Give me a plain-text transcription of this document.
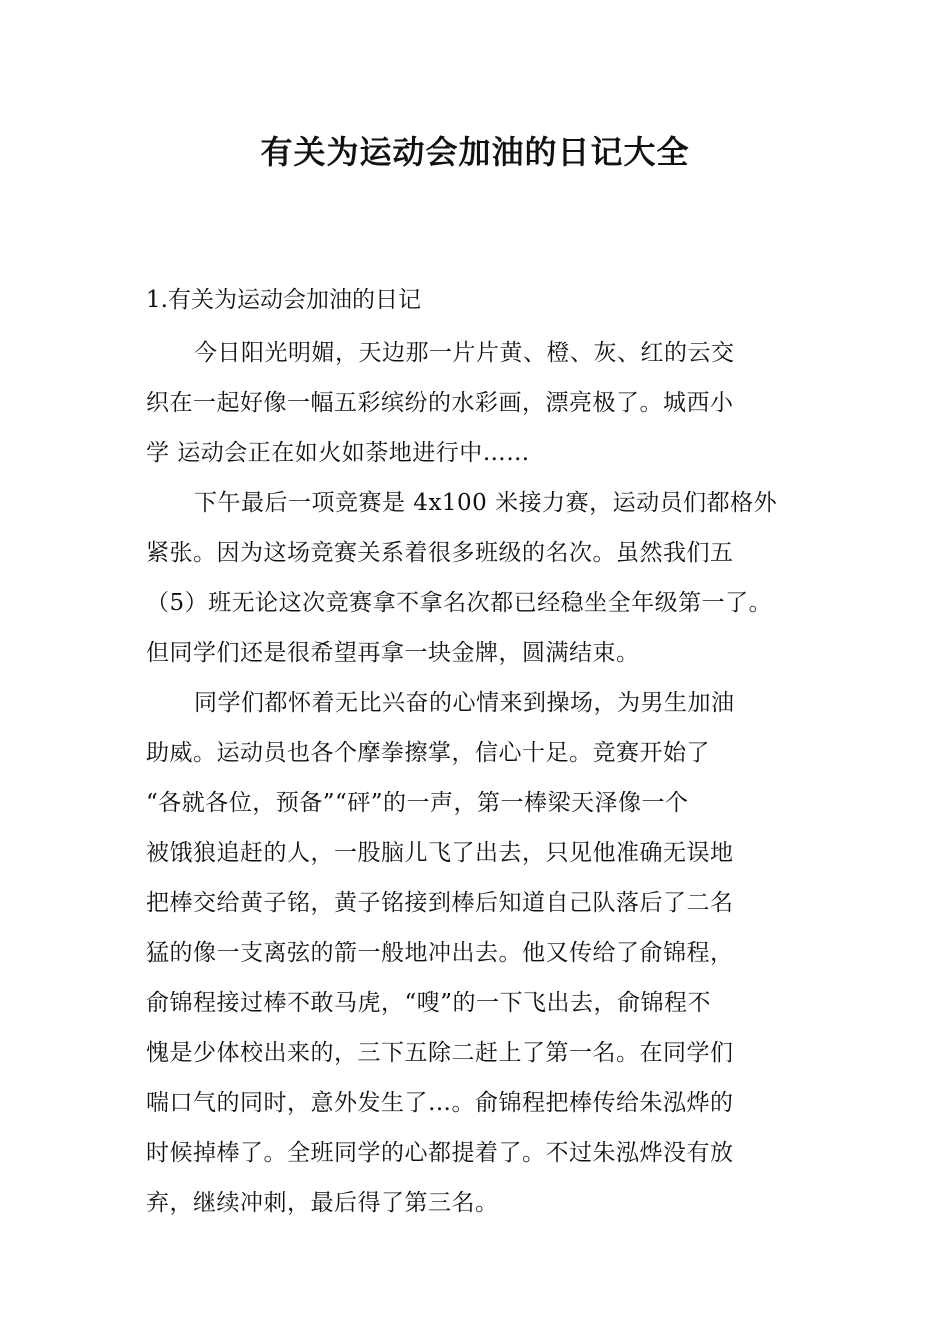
有关为运动会加油的日记大全
1.有关为运动会加油的日记
今日阳光明媚，天边那一片片黄、橙、灰、红的云交
织在一起好像一幅五彩缤纷的水彩画，漂亮极了。城西小
学 运动会正在如火如荼地进行中……
下午最后一项竞赛是 4x100 米接力赛，运动员们都格外
紧张。因为这场竞赛关系着很多班级的名次。虽然我们五
（5）班无论这次竞赛拿不拿名次都已经稳坐全年级第一了。
但同学们还是很希望再拿一块金牌，圆满结束。
同学们都怀着无比兴奋的心情来到操场，为男生加油
助威。运动员也各个摩拳擦掌，信心十足。竞赛开始了
“各就各位，预备”“砰”的一声，第一棒梁天泽像一个
被饿狼追赶的人，一股脑儿飞了出去，只见他准确无误地
把棒交给黄子铭，黄子铭接到棒后知道自己队落后了二名
猛的像一支离弦的箭一般地冲出去。他又传给了俞锦程，
俞锦程接过棒不敢马虎，“嗖”的一下飞出去，俞锦程不
愧是少体校出来的，三下五除二赶上了第一名。在同学们
喘口气的同时，意外发生了…。俞锦程把棒传给朱泓烨的
时候掉棒了。全班同学的心都提着了。不过朱泓烨没有放
弃，继续冲刺，最后得了第三名。
